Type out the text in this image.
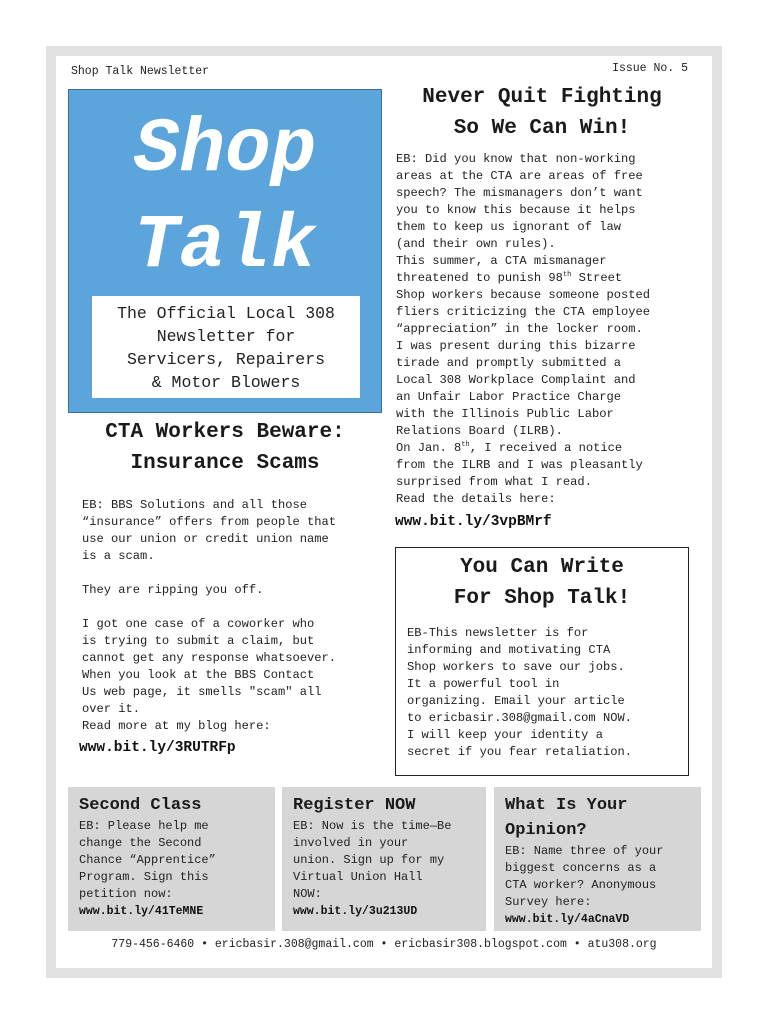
Shop Talk Newsletter	Issue No. 5
Shop
Talk
The Official Local 308
Newsletter for
Servicers, Repairers
& Motor Blowers
CTA Workers Beware:
Insurance Scams

EB: BBS Solutions and all those
“insurance” offers from people that
use our union or credit union name
is a scam.

They are ripping you off.

I got one case of a coworker who
is trying to submit a claim, but
cannot get any response whatsoever.
When you look at the BBS Contact
Us web page, it smells "scam" all
over it.
Read more at my blog here:

www.bit.ly/3RUTRFp
Never Quit Fighting
So We Can Win!

EB: Did you know that non-working
areas at the CTA are areas of free
speech? The mismanagers don’t want
you to know this because it helps
them to keep us ignorant of law
(and their own rules).

This summer, a CTA mismanager
threatened to punish 98th Street
Shop workers because someone posted
fliers criticizing the CTA employee
“appreciation” in the locker room.

I was present during this bizarre
tirade and promptly submitted a
Local 308 Workplace Complaint and
an Unfair Labor Practice Charge
with the Illinois Public Labor
Relations Board (ILRB).

On Jan. 8th, I received a notice
from the ILRB and I was pleasantly
surprised from what I read.
Read the details here:

www.bit.ly/3vpBMrf
You Can Write
For Shop Talk!
EB-This newsletter is for
informing and motivating CTA
Shop workers to save our jobs.
It a powerful tool in
organizing. Email your article
to ericbasir.308@gmail.com NOW.
I will keep your identity a
secret if you fear retaliation.
Second Class
EB: Please help me
change the Second
Chance “Apprentice”
Program. Sign this
petition now:
www.bit.ly/41TeMNE
Register NOW
EB: Now is the time—Be
involved in your
union. Sign up for my
Virtual Union Hall
NOW:
www.bit.ly/3u213UD
What Is Your
Opinion?
EB: Name three of your
biggest concerns as a
CTA worker? Anonymous
Survey here:
www.bit.ly/4aCnaVD
779-456-6460 • ericbasir.308@gmail.com • ericbasir308.blogspot.com • atu308.org
